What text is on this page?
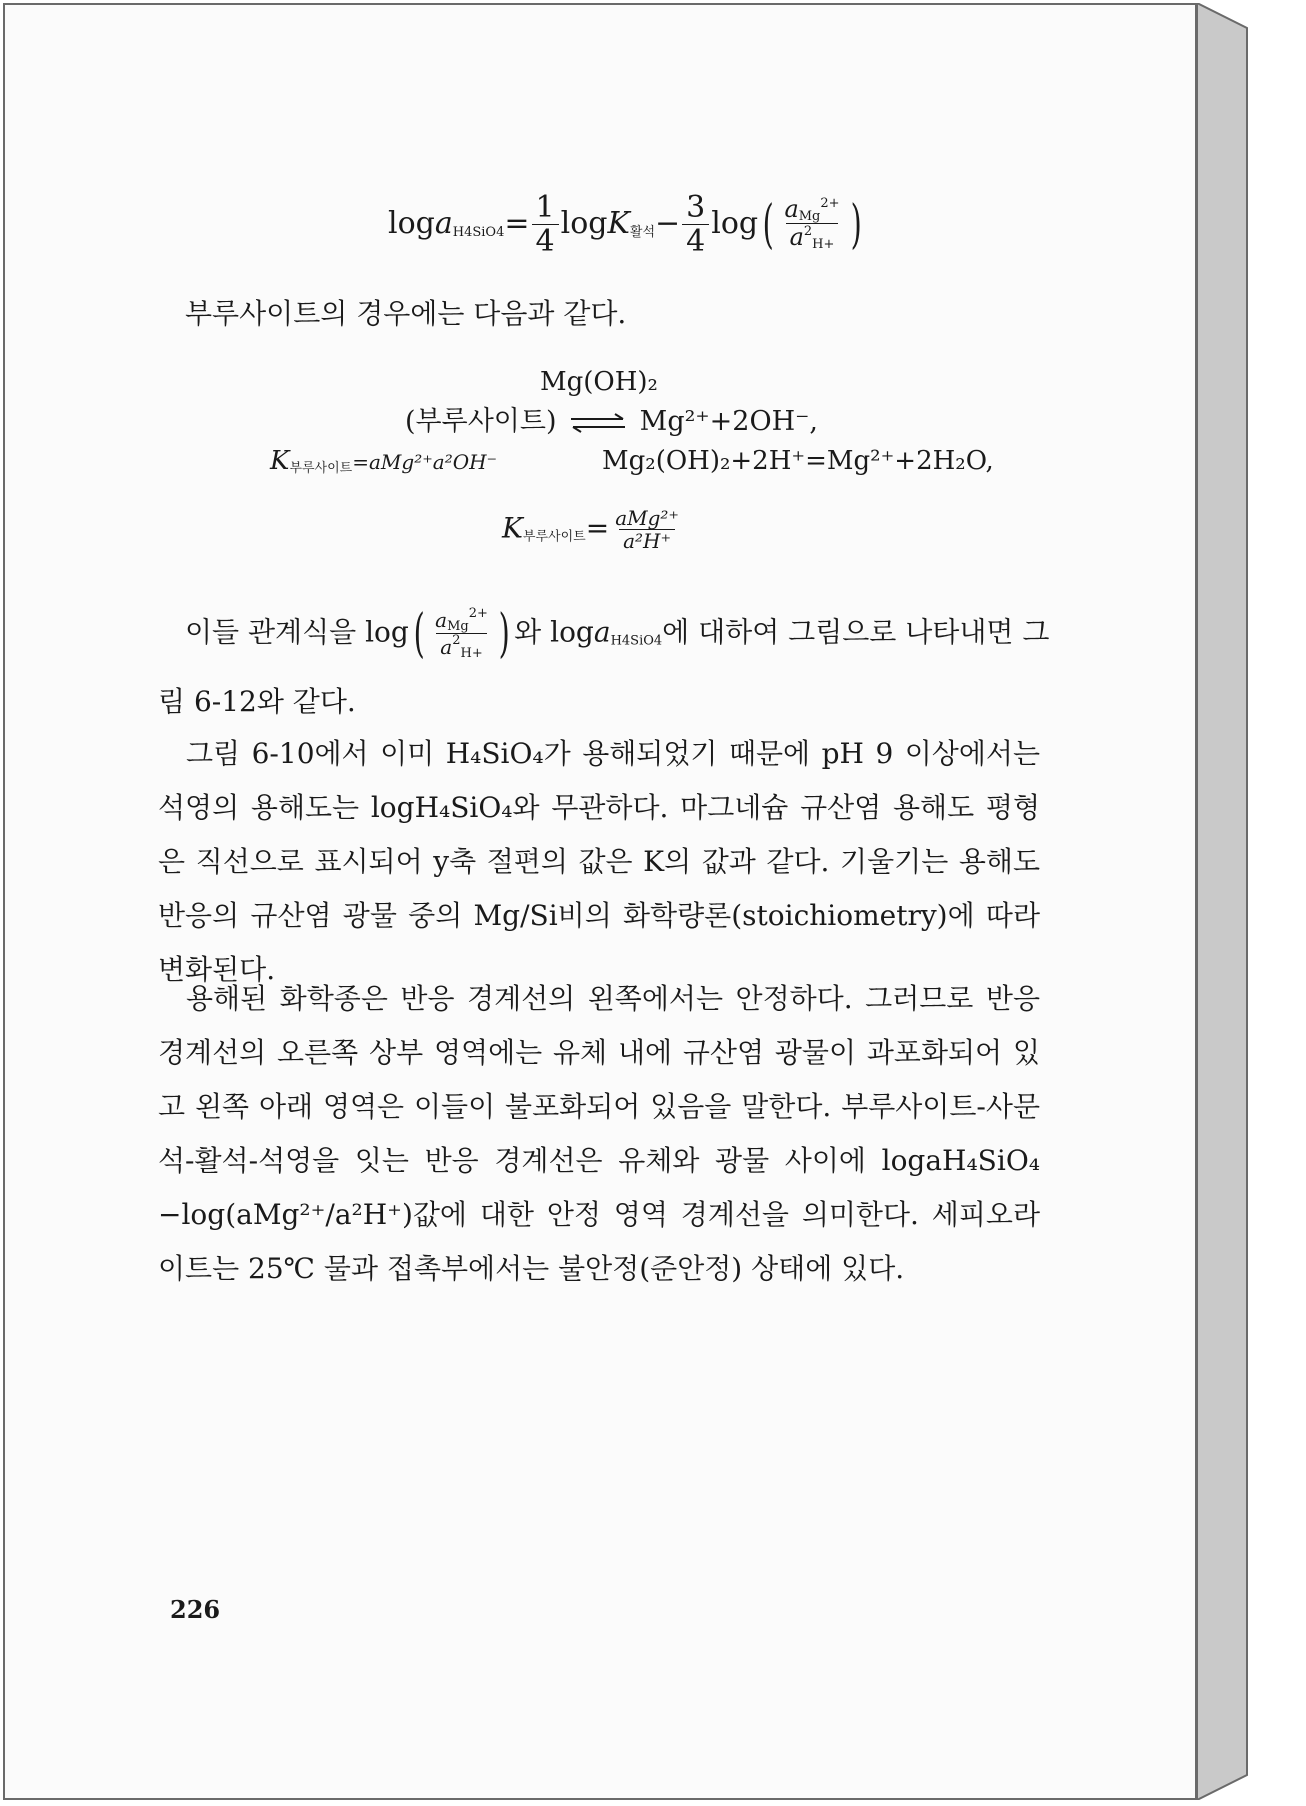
$\log a_{H4SiO4}= \frac{1}{4} \log K_{활석}- \frac{3}{4} \log( \frac{a_{Mg}^{2+}}{a^2_{H+}}$ )
부루사이트의 경우에는 다음과 같다.
Mg(OH)₂
(부루사이트) ⇌ Mg²⁺+2OH⁻,
$K_{부루사이트}=aMg^{2+}a^2OH^-$	Mg₂(OH)₂+2H⁺=Mg²⁺+2H₂O,
$K_{부루사이트}= \frac{\text{aMg²⁺}}{\text{a²H⁺}}$
이들 관계식을 $\log( \frac{a_{Mg}^{2+}}{a^2_{H+}}$ ) 와 loga$_{H4SiO4}$에 대하여 그림으로 나타내면 그
림 6-12와 같다.
그림 6-10에서 이미 H₄SiO₄가 용해되었기 때문에 pH 9 이상에서는 석영의 용해도는 logH₄SiO₄와 무관하다. 마그네슘 규산염 용해도 평형은 직선으로 표시되어 y축 절편의 값은 K의 값과 같다. 기울기는 용해도 반응의 규산염 광물 중의 Mg/Si비의 화학량론(stoichiometry)에 따라 변화된다.
용해된 화학종은 반응 경계선의 왼쪽에서는 안정하다. 그러므로 반응 경계선의 오른쪽 상부 영역에는 유체 내에 규산염 광물이 과포화되어 있고 왼쪽 아래 영역은 이들이 불포화되어 있음을 말한다. 부루사이트-사문석-활석-석영을 잇는 반응 경계선은 유체와 광물 사이에 logaH₄SiO₄ −log(aMg²⁺/a²H⁺)값에 대한 안정 영역 경계선을 의미한다. 세피오라이트는 25℃ 물과 접촉부에서는 불안정(준안정) 상태에 있다.
226
